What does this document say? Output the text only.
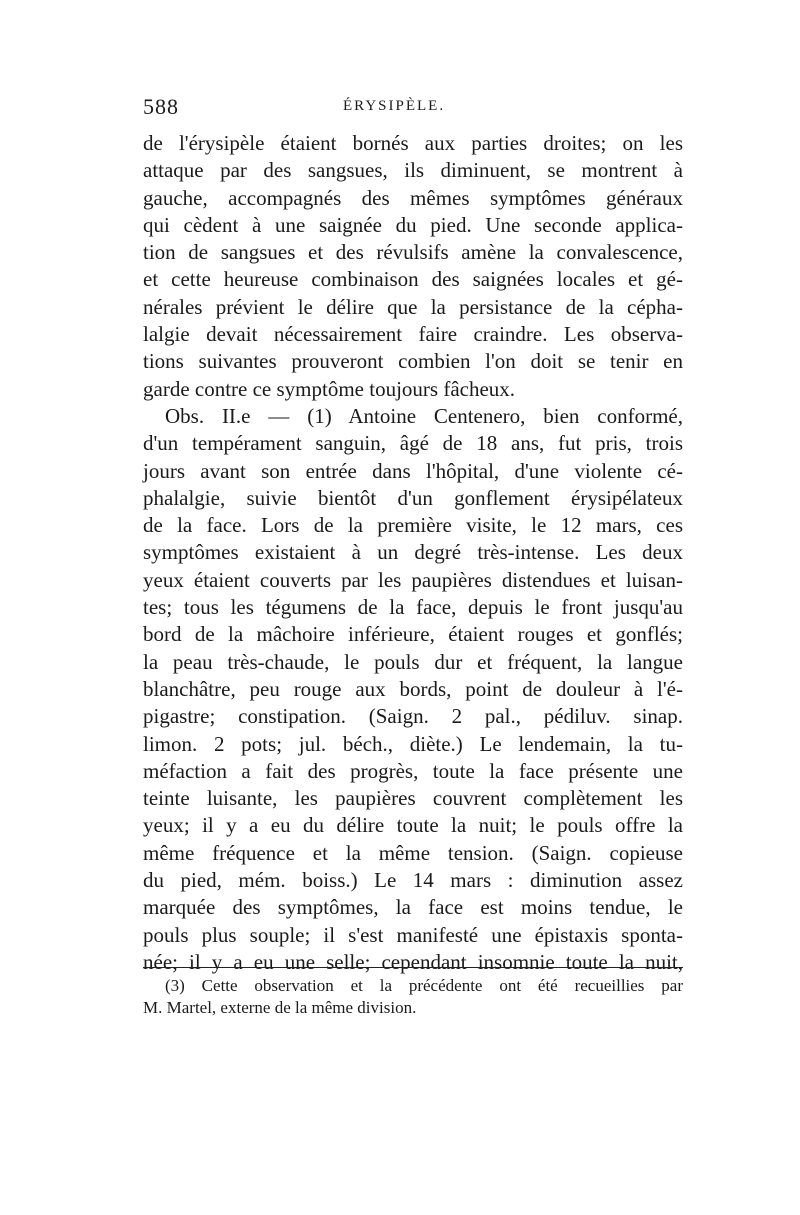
588	ÉRYSIPÈLE.
de l'érysipèle étaient bornés aux parties droites; on les
attaque par des sangsues, ils diminuent, se montrent à
gauche, accompagnés des mêmes symptômes généraux
qui cèdent à une saignée du pied. Une seconde applica-
tion de sangsues et des révulsifs amène la convalescence,
et cette heureuse combinaison des saignées locales et gé-
nérales prévient le délire que la persistance de la cépha-
lalgie devait nécessairement faire craindre. Les observa-
tions suivantes prouveront combien l'on doit se tenir en
garde contre ce symptôme toujours fâcheux.
Obs. II.e — (1) Antoine Centenero, bien conformé,
d'un tempérament sanguin, âgé de 18 ans, fut pris, trois
jours avant son entrée dans l'hôpital, d'une violente cé-
phalalgie, suivie bientôt d'un gonflement érysipélateux
de la face. Lors de la première visite, le 12 mars, ces
symptômes existaient à un degré très-intense. Les deux
yeux étaient couverts par les paupières distendues et luisan-
tes; tous les tégumens de la face, depuis le front jusqu'au
bord de la mâchoire inférieure, étaient rouges et gonflés;
la peau très-chaude, le pouls dur et fréquent, la langue
blanchâtre, peu rouge aux bords, point de douleur à l'é-
pigastre; constipation. (Saign. 2 pal., pédiluv. sinap.
limon. 2 pots; jul. béch., diète.) Le lendemain, la tu-
méfaction a fait des progrès, toute la face présente une
teinte luisante, les paupières couvrent complètement les
yeux; il y a eu du délire toute la nuit; le pouls offre la
même fréquence et la même tension. (Saign. copieuse
du pied, mém. boiss.) Le 14 mars : diminution assez
marquée des symptômes, la face est moins tendue, le
pouls plus souple; il s'est manifesté une épistaxis sponta-
née; il y a eu une selle; cependant insomnie toute la nuit,
(3) Cette observation et la précédente ont été recueillies par
M. Martel, externe de la même division.
